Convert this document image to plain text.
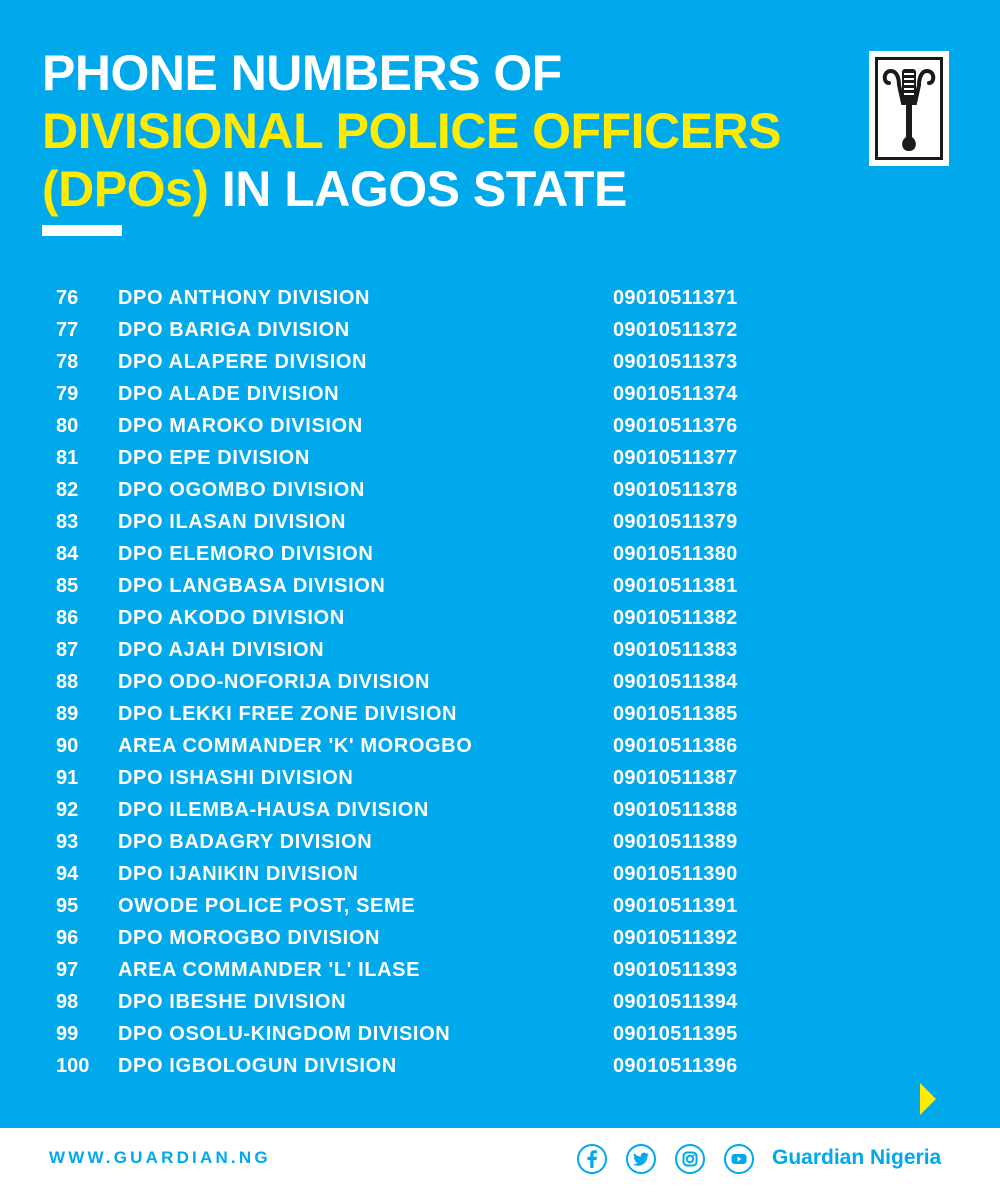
PHONE NUMBERS OF
DIVISIONAL POLICE OFFICERS
(DPOs) IN LAGOS STATE
76 DPO ANTHONY DIVISION	09010511371
77 DPO BARIGA DIVISION	09010511372
78 DPO ALAPERE DIVISION	09010511373
79 DPO ALADE DIVISION	09010511374
80 DPO MAROKO DIVISION	09010511376
81 DPO EPE DIVISION	09010511377
82 DPO OGOMBO DIVISION	09010511378
83 DPO ILASAN DIVISION	09010511379
84 DPO ELEMORO DIVISION	09010511380
85 DPO LANGBASA DIVISION	09010511381
86 DPO AKODO DIVISION	09010511382
87 DPO AJAH DIVISION	09010511383
88 DPO ODO-NOFORIJA DIVISION	09010511384
89 DPO LEKKI FREE ZONE DIVISION	09010511385
90 AREA COMMANDER 'K' MOROGBO	09010511386
91 DPO ISHASHI DIVISION	09010511387
92 DPO ILEMBA-HAUSA DIVISION	09010511388
93 DPO BADAGRY DIVISION	09010511389
94 DPO IJANIKIN DIVISION	09010511390
95 OWODE POLICE POST, SEME	09010511391
96 DPO MOROGBO DIVISION	09010511392
97 AREA COMMANDER 'L' ILASE	09010511393
98 DPO IBESHE DIVISION	09010511394
99 DPO OSOLU-KINGDOM DIVISION	09010511395
100 DPO IGBOLOGUN DIVISION	09010511396
WWW.GUARDIAN.NG	Guardian Nigeria
